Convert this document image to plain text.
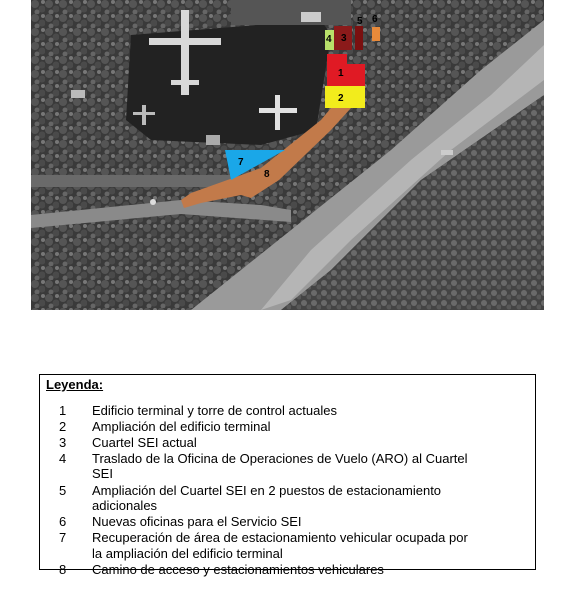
1
2
3
4
5 6
7
8
Leyenda:
1	Edificio terminal y torre de control actuales
2	Ampliación del edificio terminal
3	Cuartel SEI actual
4	Traslado de la Oficina de Operaciones de Vuelo (ARO) al Cuartel SEI
5	Ampliación del Cuartel SEI en 2 puestos de estacionamiento adicionales
6	Nuevas oficinas para el Servicio SEI
7	Recuperación de área de estacionamiento vehicular ocupada por la ampliación del edificio terminal
8	Camino de acceso y estacionamientos vehiculares
